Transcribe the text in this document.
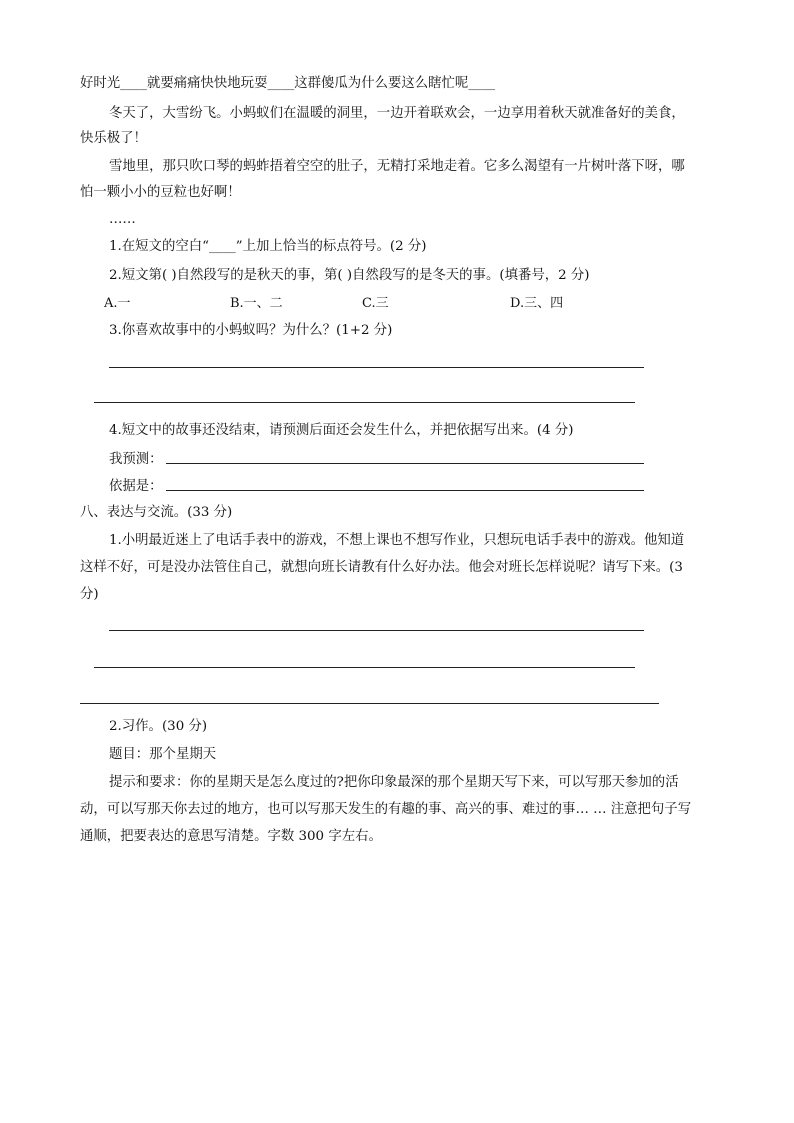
好时光____就要痛痛快快地玩耍____这群傻瓜为什么要这么瞎忙呢____
冬天了，大雪纷飞。小蚂蚁们在温暖的洞里，一边开着联欢会，一边享用着秋天就准备好的美食，
快乐极了！
雪地里，那只吹口琴的蚂蚱捂着空空的肚子，无精打采地走着。它多么渴望有一片树叶落下呀，哪
怕一颗小小的豆粒也好啊！
……
1.在短文的空白“____”上加上恰当的标点符号。(2 分)
2.短文第( )自然段写的是秋天的事，第( )自然段写的是冬天的事。(填番号，2 分)
A.一	B.一、二	C.三	D.三、四
3.你喜欢故事中的小蚂蚁吗？为什么？(1+2 分)
4.短文中的故事还没结束，请预测后面还会发生什么，并把依据写出来。(4 分)
我预测：
依据是：
八、表达与交流。(33 分)
1.小明最近迷上了电话手表中的游戏，不想上课也不想写作业，只想玩电话手表中的游戏。他知道
这样不好，可是没办法管住自己，就想向班长请教有什么好办法。他会对班长怎样说呢？请写下来。(3
分)
2.习作。(30 分)
题目：那个星期天
提示和要求：你的星期天是怎么度过的?把你印象最深的那个星期天写下来，可以写那天参加的活
动，可以写那天你去过的地方，也可以写那天发生的有趣的事、高兴的事、难过的事… … 注意把句子写
通顺，把要表达的意思写清楚。字数 300 字左右。
